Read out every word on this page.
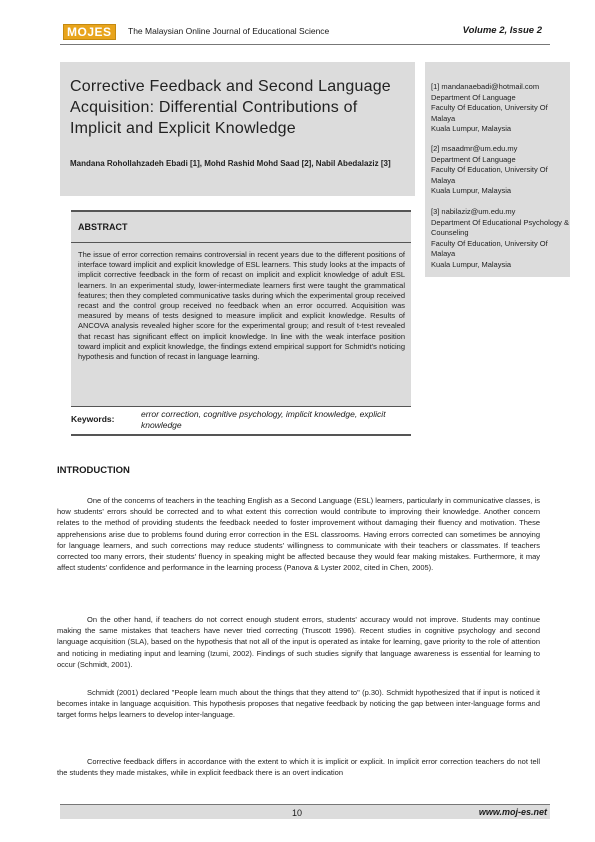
MOJES	The Malaysian Online Journal of Educational Science	Volume 2, Issue 2
Corrective Feedback and Second Language Acquisition: Differential Contributions of Implicit and Explicit Knowledge
Mandana Rohollahzadeh Ebadi [1], Mohd Rashid Mohd Saad [2], Nabil Abedalaziz [3]
[1] mandanaebadi@hotmail.com
Department Of Language
Faculty Of Education, University Of Malaya
Kuala Lumpur, Malaysia
[2] msaadmr@um.edu.my
Department Of Language
Faculty Of Education, University Of Malaya
Kuala Lumpur, Malaysia
[3] nabilaziz@um.edu.my
Department Of Educational Psychology & Counseling
Faculty Of Education, University Of Malaya
Kuala Lumpur, Malaysia
ABSTRACT
The issue of error correction remains controversial in recent years due to the different positions of interface toward implicit and explicit knowledge of ESL learners. This study looks at the impacts of implicit corrective feedback in the form of recast on implicit and explicit knowledge of adult ESL learners. In an experimental study, lower-intermediate learners first were taught the grammatical features; then they completed communicative tasks during which the experimental group received recast and the control group received no feedback when an error occurred. Acquisition was measured by means of tests designed to measure implicit and explicit knowledge. Results of ANCOVA analysis revealed higher score for the experimental group; and result of t-test revealed that recast has significant effect on implicit knowledge. In line with the weak interface position toward implicit and explicit knowledge, the findings extend empirical support for Schmidt's noticing hypothesis and function of recast in language learning.
Keywords:	error correction, cognitive psychology, implicit knowledge, explicit knowledge
INTRODUCTION
One of the concerns of teachers in the teaching English as a Second Language (ESL) learners, particularly in communicative classes, is how students' errors should be corrected and to what extent this correction would contribute to improving their knowledge. Another concern relates to the method of providing students the feedback needed to foster improvement without damaging their fluency and motivation. These apprehensions arise due to problems found during error correction in the ESL classrooms. Having errors corrected can sometimes be annoying for language learners, and such corrections may reduce students' willingness to communicate with their teachers or classmates. If teachers corrected too many errors, their students' fluency in speaking might be affected because they would fear making mistakes. Furthermore, it may affect students' confidence and performance in the learning process (Panova & Lyster 2002, cited in Chen, 2005).
On the other hand, if teachers do not correct enough student errors, students' accuracy would not improve. Students may continue making the same mistakes that teachers have never tried correcting (Truscott 1996). Recent studies in cognitive psychology and second language acquisition (SLA), based on the hypothesis that not all of the input is operated as intake for learning, gave priority to the role of attention and noticing in mediating input and learning (Izumi, 2002). Findings of such studies signify that language awareness is essential for learning to occur (Schmidt, 2001).
Schmidt (2001) declared "People learn much about the things that they attend to" (p.30). Schmidt hypothesized that if input is noticed it becomes intake in language acquisition. This hypothesis proposes that negative feedback by noticing the gap between inter-language forms and target forms helps learners to develop inter-language.
Corrective feedback differs in accordance with the extent to which it is implicit or explicit. In implicit error correction teachers do not tell the students they made mistakes, while in explicit feedback there is an overt indication
10	www.moj-es.net
